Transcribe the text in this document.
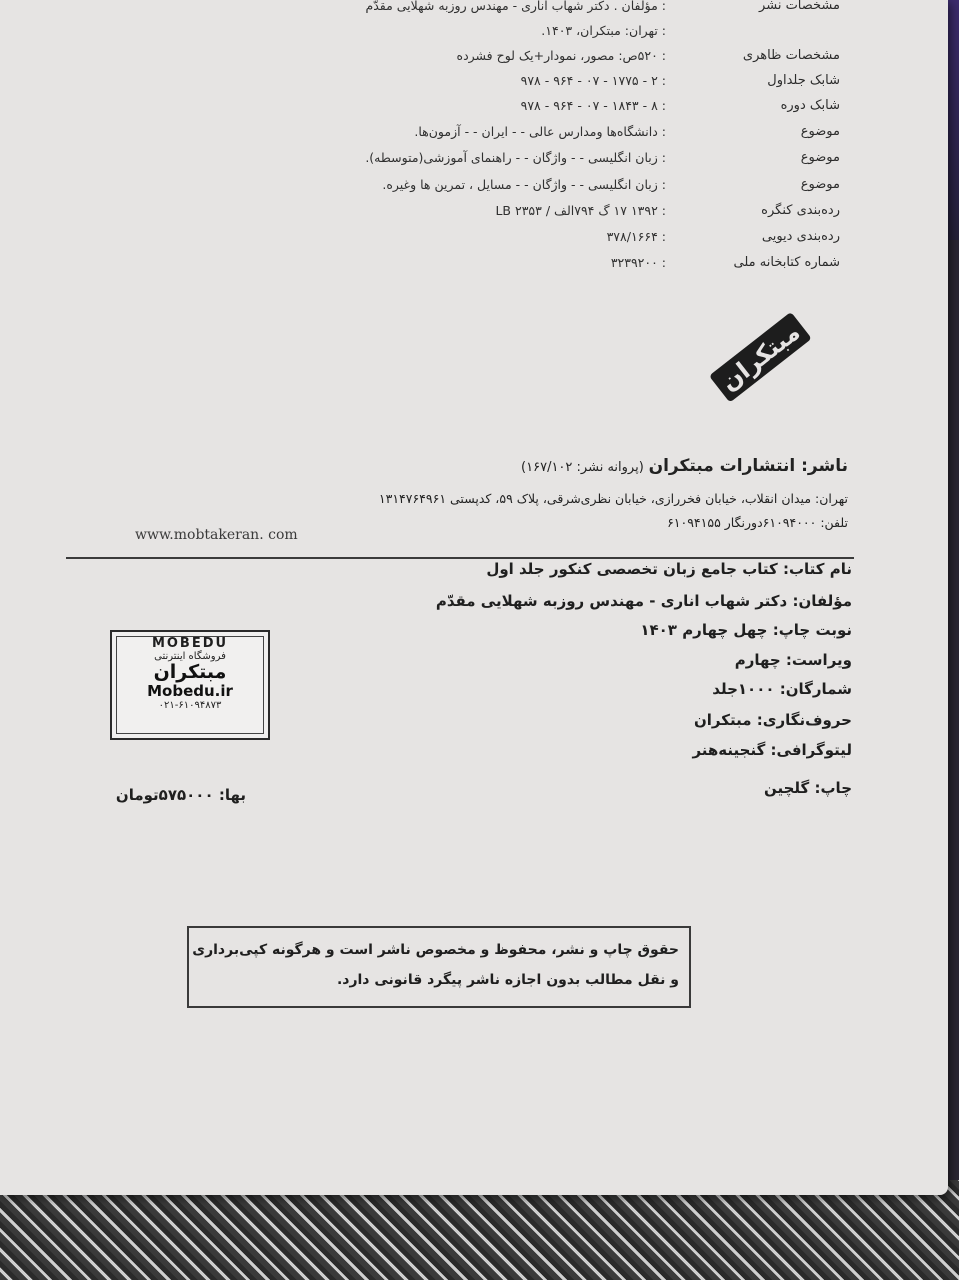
مشخصات نشر
: مؤلفان . دکتر شهاب اناری - مهندس روزبه شهلایی مقدّم
: تهران: مبتکران، ۱۴۰۳.
مشخصات ظاهری
: ۵۲۰ص: مصور، نمودار+یک لوح فشرده
شابک جلداول
: ۲ - ۱۷۷۵ - ۰۷ - ۹۶۴ - ۹۷۸
شابک دوره
: ۸ - ۱۸۴۳ - ۰۷ - ۹۶۴ - ۹۷۸
موضوع
: دانشگاه‌ها ومدارس عالی - - ایران - - آزمون‌ها.
موضوع
: زبان انگلیسی - - واژگان - - راهنمای آموزشی(متوسطه).
موضوع
: زبان انگلیسی - - واژگان - - مسایل ، تمرین ها وغیره.
رده‌بندی کنگره
: ۱۳۹۲ ۱۷ گ ۷۹۴الف / ۲۳۵۳ LB
رده‌بندی دیویی
: ۳۷۸/۱۶۶۴
شماره کتابخانه ملی
: ۳۲۳۹۲۰۰
مبتکران
ناشر: انتشارات مبتکران (پروانه نشر: ۱۶۷/۱۰۲)
تهران: میدان انقلاب، خیابان فخررازی، خیابان نظری‌شرقی، پلاک ۵۹، کدپستی ۱۳۱۴۷۶۴۹۶۱
تلفن: ۶۱۰۹۴۰۰۰دورنگار ۶۱۰۹۴۱۵۵
www.mobtakeran. com
نام کتاب: کتاب جامع زبان تخصصی کنکور جلد اول
مؤلفان: دکتر شهاب اناری - مهندس روزبه شهلایی مقدّم
نوبت چاپ: چهل چهارم ۱۴۰۳
ویراست: چهارم
شمارگان: ۱۰۰۰جلد
حروف‌نگاری: مبتکران
لیتوگرافی: گنجینه‌هنر
چاپ: گلچین
MOBEDU
فروشگاه اینترنتی
مبتکران
Mobedu.ir
۰۲۱-۶۱۰۹۴۸۷۳
بها: ۵۷۵۰۰۰تومان
حقوق چاپ و نشر، محفوظ و مخصوص ناشر است و هرگونه کپی‌برداری
و نقل مطالب بدون اجازه ناشر پیگرد قانونی دارد.
